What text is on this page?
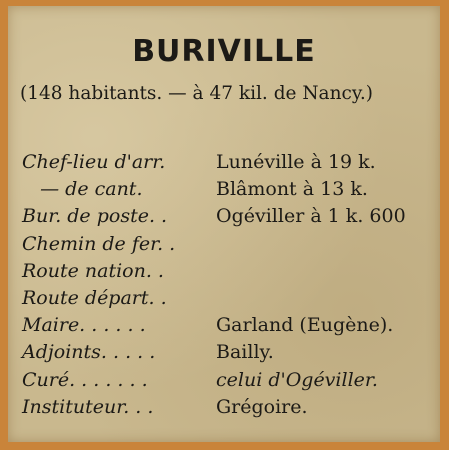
BURIVILLE
(148 habitants. — à 47 kil. de Nancy.)
Chef-lieu d'arr.	Lunéville à 19 k.
— de cant.	Blâmont à 13 k.
Bur. de poste. .	Ogéviller à 1 k. 600
Chemin de fer. .
Route nation. .
Route départ. .
Maire. . . . . .	Garland (Eugène).
Adjoints. . . . .	Bailly.
Curé. . . . . . .	celui d'Ogéviller.
Instituteur. . .	Grégoire.
